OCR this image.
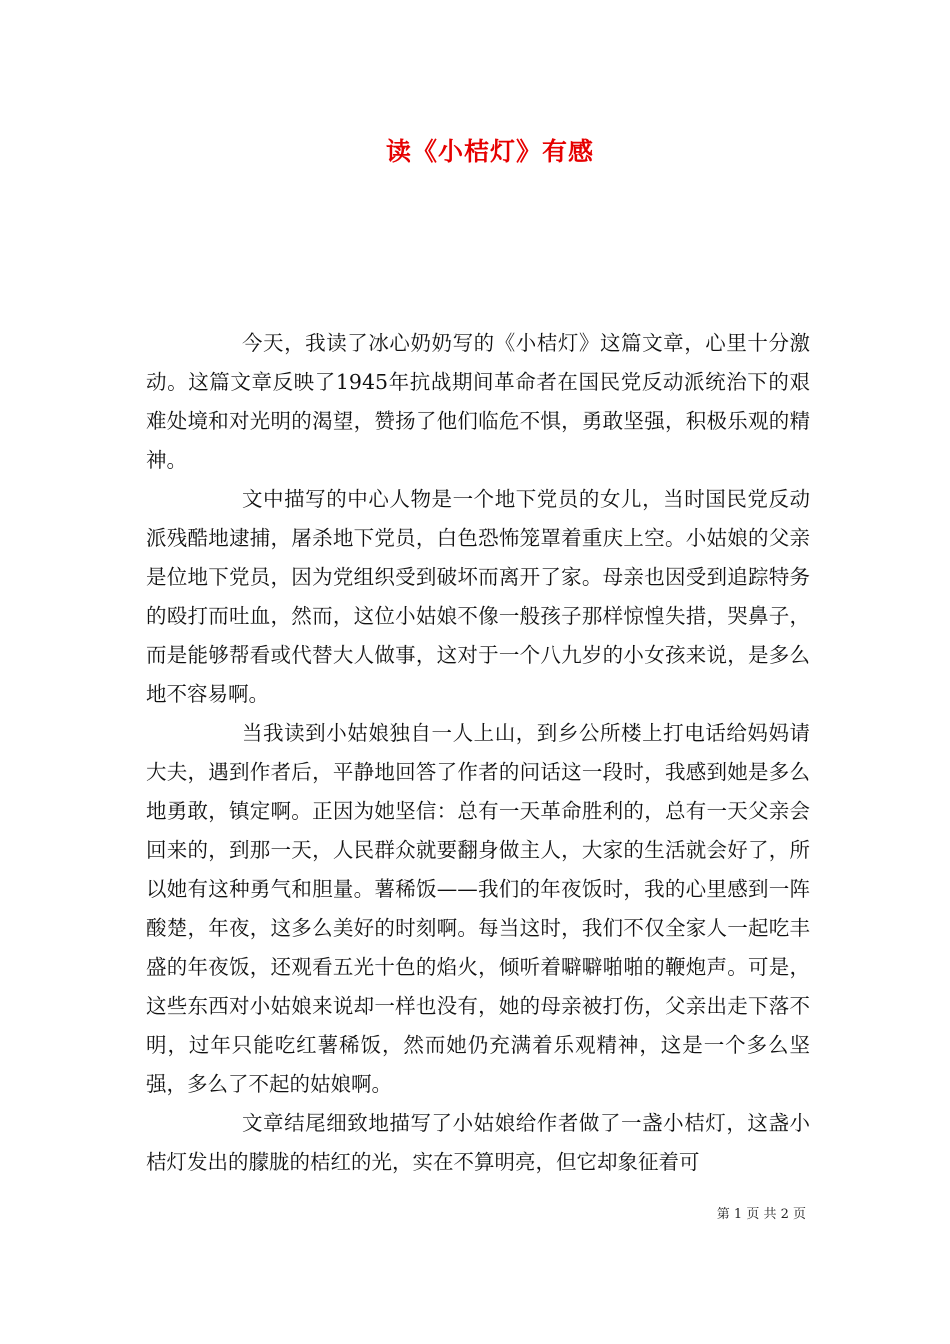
读《小桔灯》有感

今天，我读了冰心奶奶写的《小桔灯》这篇文章，心里十分激动。这篇文章反映了1945年抗战期间革命者在国民党反动派统治下的艰难处境和对光明的渴望，赞扬了他们临危不惧，勇敢坚强，积极乐观的精神。

文中描写的中心人物是一个地下党员的女儿，当时国民党反动派残酷地逮捕，屠杀地下党员，白色恐怖笼罩着重庆上空。小姑娘的父亲是位地下党员，因为党组织受到破坏而离开了家。母亲也因受到追踪特务的殴打而吐血，然而，这位小姑娘不像一般孩子那样惊惶失措，哭鼻子，而是能够帮看或代替大人做事，这对于一个八九岁的小女孩来说，是多么地不容易啊。

当我读到小姑娘独自一人上山，到乡公所楼上打电话给妈妈请大夫，遇到作者后，平静地回答了作者的问话这一段时，我感到她是多么地勇敢，镇定啊。正因为她坚信：总有一天革命胜利的，总有一天父亲会回来的，到那一天，人民群众就要翻身做主人，大家的生活就会好了，所以她有这种勇气和胆量。薯稀饭——我们的年夜饭时，我的心里感到一阵酸楚，年夜，这多么美好的时刻啊。每当这时，我们不仅全家人一起吃丰盛的年夜饭，还观看五光十色的焰火，倾听着噼噼啪啪的鞭炮声。可是，这些东西对小姑娘来说却一样也没有，她的母亲被打伤，父亲出走下落不明，过年只能吃红薯稀饭，然而她仍充满着乐观精神，这是一个多么坚强，多么了不起的姑娘啊。

文章结尾细致地描写了小姑娘给作者做了一盏小桔灯，这盏小桔灯发出的朦胧的桔红的光，实在不算明亮，但它却象征着可

第 1 页 共 2 页
